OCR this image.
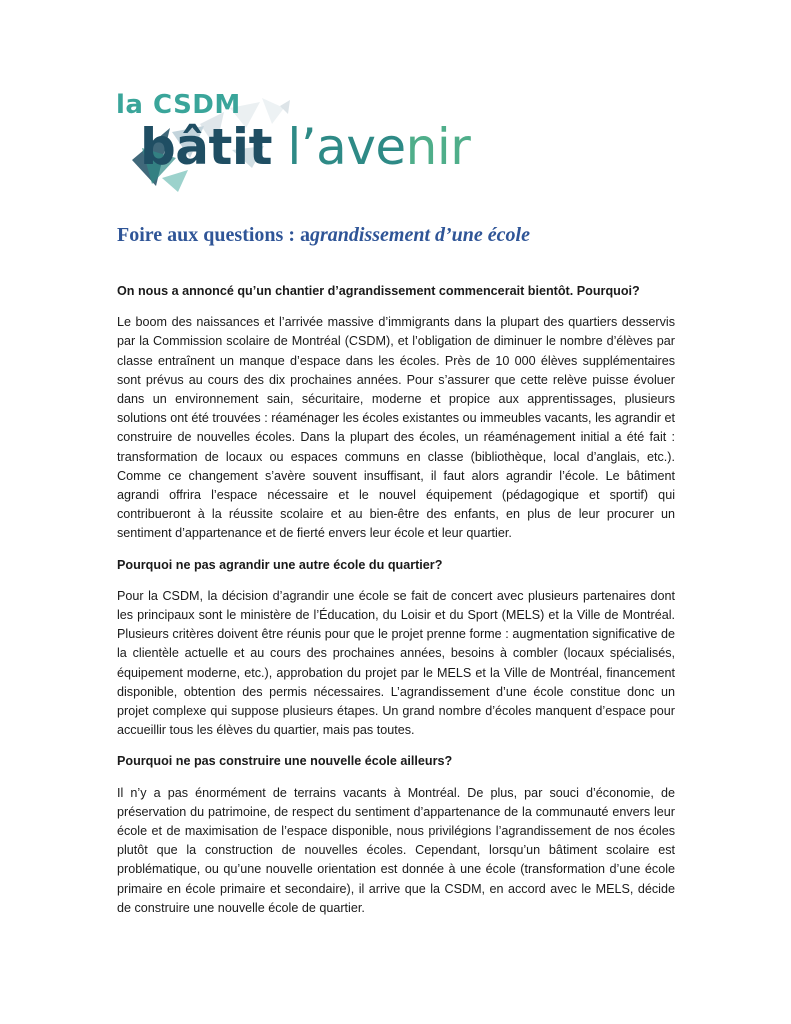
la CSDM
bâtit l’avenir
Foire aux questions : agrandissement d’une école

On nous a annoncé qu’un chantier d’agrandissement commencerait bientôt. Pourquoi?

Le boom des naissances et l’arrivée massive d’immigrants dans la plupart des quartiers desservis par la Commission scolaire de Montréal (CSDM), et l’obligation de diminuer le nombre d’élèves par classe entraînent un manque d’espace dans les écoles. Près de 10 000 élèves supplémentaires sont prévus au cours des dix prochaines années. Pour s’assurer que cette relève puisse évoluer dans un environnement sain, sécuritaire, moderne et propice aux apprentissages, plusieurs solutions ont été trouvées : réaménager les écoles existantes ou immeubles vacants, les agrandir et construire de nouvelles écoles. Dans la plupart des écoles, un réaménagement initial a été fait : transformation de locaux ou espaces communs en classe (bibliothèque, local d’anglais, etc.). Comme ce changement s’avère souvent insuffisant, il faut alors agrandir l’école. Le bâtiment agrandi offrira l’espace nécessaire et le nouvel équipement (pédagogique et sportif) qui contribueront à la réussite scolaire et au bien-être des enfants, en plus de leur procurer un sentiment d’appartenance et de fierté envers leur école et leur quartier.

Pourquoi ne pas agrandir une autre école du quartier?

Pour la CSDM, la décision d’agrandir une école se fait de concert avec plusieurs partenaires dont les principaux sont le ministère de l’Éducation, du Loisir et du Sport (MELS) et la Ville de Montréal. Plusieurs critères doivent être réunis pour que le projet prenne forme : augmentation significative de la clientèle actuelle et au cours des prochaines années, besoins à combler (locaux spécialisés, équipement moderne, etc.), approbation du projet par le MELS et la Ville de Montréal, financement disponible, obtention des permis nécessaires. L’agrandissement d’une école constitue donc un projet complexe qui suppose plusieurs étapes. Un grand nombre d’écoles manquent d’espace pour accueillir tous les élèves du quartier, mais pas toutes.

Pourquoi ne pas construire une nouvelle école ailleurs?

Il n’y a pas énormément de terrains vacants à Montréal. De plus, par souci d’économie, de préservation du patrimoine, de respect du sentiment d’appartenance de la communauté envers leur école et de maximisation de l’espace disponible, nous privilégions l’agrandissement de nos écoles plutôt que la construction de nouvelles écoles. Cependant, lorsqu’un bâtiment scolaire est problématique, ou qu’une nouvelle orientation est donnée à une école (transformation d’une école primaire en école primaire et secondaire), il arrive que la CSDM, en accord avec le MELS, décide de construire une nouvelle école de quartier.
